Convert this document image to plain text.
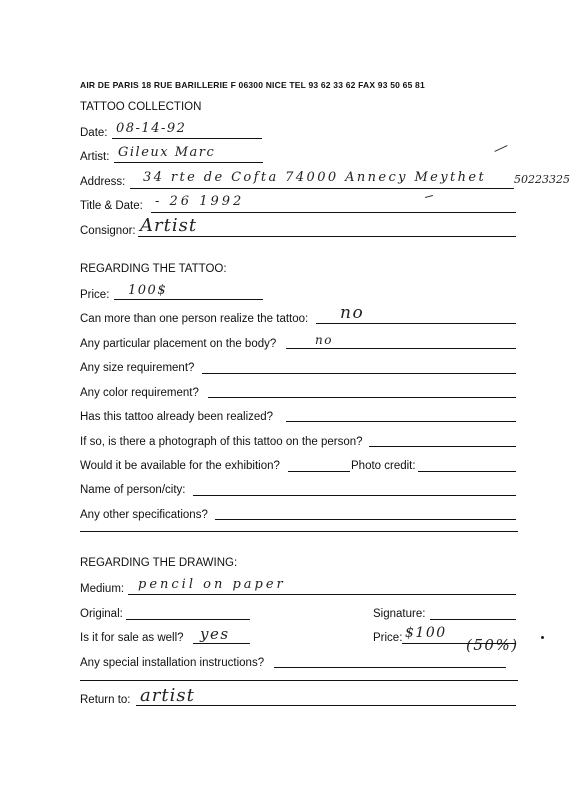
AIR DE PARIS 18 RUE BARILLERIE F 06300 NICE TEL 93 62 33 62 FAX 93 50 65 81
TATTOO COLLECTION
Date: 08-14-92
Artist: Gileux Marc
Address: 34 rte de Cofta 74000 Annecy Meythet	50223325
Title & Date: - 26 1992
Consignor: Artist
REGARDING THE TATTOO:
Price: 100$
Can more than one person realize the tattoo: no
Any particular placement on the body?	no
Any size requirement?
Any color requirement?
Has this tattoo already been realized?
If so, is there a photograph of this tattoo on the person?
Would it be available for the exhibition?	Photo credit:
Name of person/city:
Any other specifications?
REGARDING THE DRAWING:
Medium: pencil on paper
Original:	Signature:
Is it for sale as well? yes	Price: $100
(50%)
Any special installation instructions?
Return to: artist
